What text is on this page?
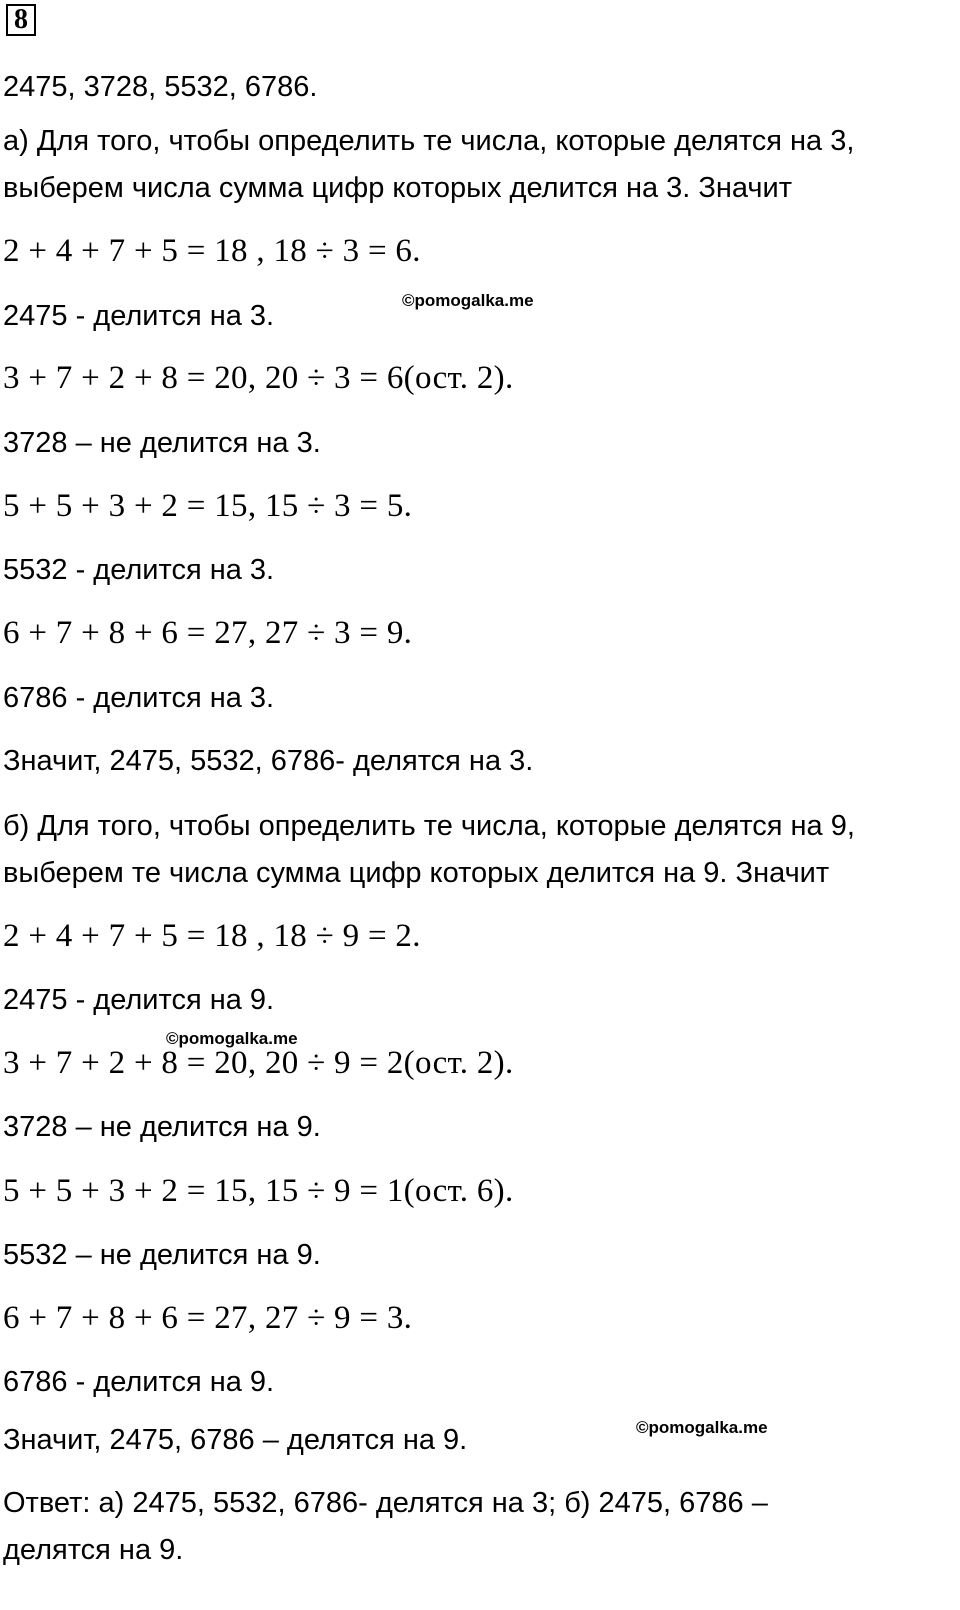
8
2475, 3728, 5532, 6786.
а) Для того, чтобы определить те числа, которые делятся на 3,
выберем числа сумма цифр которых делится на 3. Значит
2 + 4 + 7 + 5 = 18 , 18 ÷ 3 = 6.
2475 - делится на 3.
3 + 7 + 2 + 8 = 20, 20 ÷ 3 = 6(ост. 2).
3728 – не делится на 3.
5 + 5 + 3 + 2 = 15, 15 ÷ 3 = 5.
5532 - делится на 3.
6 + 7 + 8 + 6 = 27, 27 ÷ 3 = 9.
6786 - делится на 3.
Значит, 2475, 5532, 6786- делятся на 3.
б) Для того, чтобы определить те числа, которые делятся на 9,
выберем те числа сумма цифр которых делится на 9. Значит
2 + 4 + 7 + 5 = 18 , 18 ÷ 9 = 2.
2475 - делится на 9.
3 + 7 + 2 + 8 = 20, 20 ÷ 9 = 2(ост. 2).
3728 – не делится на 9.
5 + 5 + 3 + 2 = 15, 15 ÷ 9 = 1(ост. 6).
5532 – не делится на 9.
6 + 7 + 8 + 6 = 27, 27 ÷ 9 = 3.
6786 - делится на 9.
Значит, 2475, 6786 – делятся на 9.
Ответ: а) 2475, 5532, 6786- делятся на 3; б) 2475, 6786 –
делятся на 9.
©pomogalka.me
©pomogalka.me
©pomogalka.me
